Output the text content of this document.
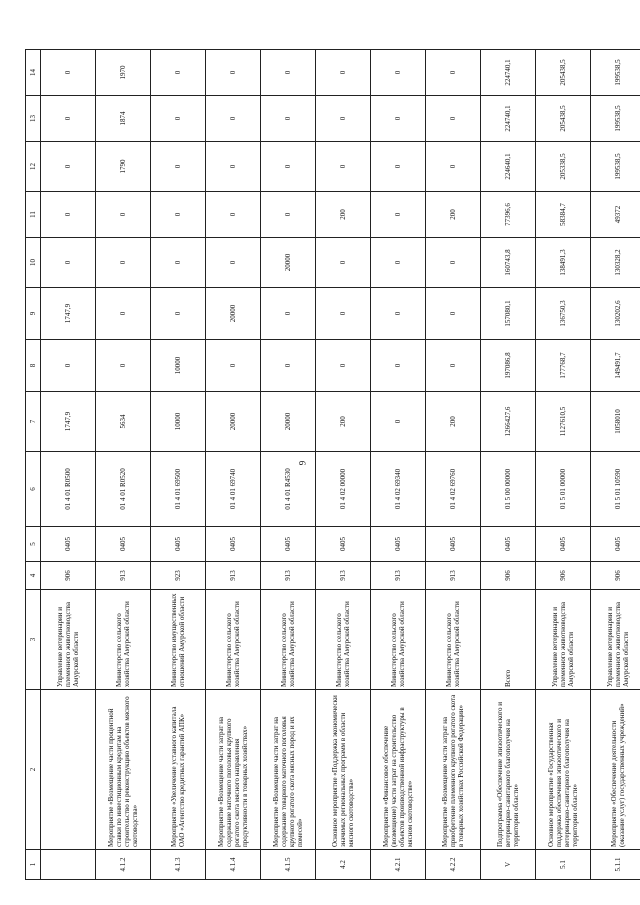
9
1	2	3	4	5	6	7	8	9	10	11	12	13	14
		Управление ветеринарии и племенного животноводства Амурской области	906	0405	01 4 01 R0500	1747,9	0	1747,9	0	0	0	0	0
4.1.2	Мероприятие «Возмещение части процентной ставки по инвестиционным кредитам на строительство и реконструкцию объектов мясного скотоводства»	Министерство сельского хозяйства Амурской области	913	0405	01 4 01 R0520	5634	0	0	0	0	1790	1874	1970
4.1.3	Мероприятие «Увеличение уставного капитала ОАО «Агентство кредитных гарантий АПК»	Министерство имущественных отношений Амурской области	923	0405	01 4 01 69500	10000	10000	0	0	0	0	0	0
4.1.4	Мероприятие «Возмещение части затрат на содержание маточного поголовья крупного рогатого скота мясного направления продуктивности в товарных хозяйствах»	Министерство сельского хозяйства Амурской области	913	0405	01 4 01 69740	20000	0	20000	0	0	0	0	0
4.1.5	Мероприятие «Возмещение части затрат на содержание товарного маточного поголовья крупного рогатого скота мясных пород и их помесей»	Министерство сельского хозяйства Амурской области	913	0405	01 4 01 R4530	20000	0	0	20000	0	0	0	0
4.2	Основное мероприятие «Поддержка экономически значимых региональных программ в области мясного скотоводства»	Министерство сельского хозяйства Амурской области	913	0405	01 4 02 00000	200	0	0	0	200	0	0	0
4.2.1	Мероприятие «Финансовое обеспечение (возмещение) части затрат на строительство объектов производственной инфраструктуры в мясном скотоводстве»	Министерство сельского хозяйства Амурской области	913	0405	01 4 02 69340	0	0	0	0	0	0	0	0
4.2.2	Мероприятие «Возмещение части затрат на приобретение племенного крупного рогатого скота в товарных хозяйствах Российской Федерации»	Министерство сельского хозяйства Амурской области	913	0405	01 4 02 69760	200	0	0	0	200	0	0	0
V	Подпрограмма «Обеспечение эпизоотического и ветеринарно-санитарного благополучия на территории области»	Всего	906	0405	01 5 00 00000	1266427,6	197086,8	157080,1	160743,8	77396,6	224640,1	224740,1	224740,1
5.1	Основное мероприятие «Государственная поддержка обеспечения эпизоотического и ветеринарно-санитарного благополучия на территории области»	Управление ветеринарии и племенного животноводства Амурской области	906	0405	01 5 01 00000	1127610,5	177768,7	136750,3	138491,3	58384,7	205338,5	205438,5	205438,5
5.1.1	Мероприятие «Обеспечение деятельности (оказание услуг) государственных учреждений»	Управление ветеринарии и племенного животноводства Амурской области	906	0405	01 5 01 10590	1058010	149491,7	130202,6	130328,2	49372	199538,5	199538,5	199538,5
